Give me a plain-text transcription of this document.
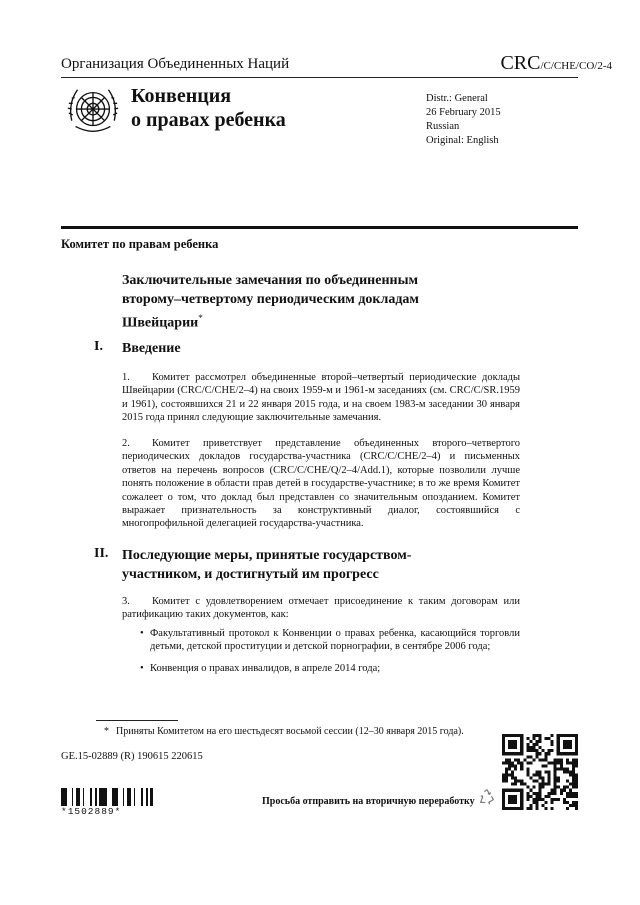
Организация Объединенных Наций	CRC/C/CHE/CO/2-4
Конвенция
о правах ребенка
Distr.: General
26 February 2015
Russian
Original: English
Комитет по правам ребенка
Заключительные замечания по объединенным
второму–четвертому периодическим докладам
Швейцарии*
I. Введение
1. Комитет рассмотрел объединенные второй–четвертый периодические доклады Швейцарии (CRC/C/CHE/2–4) на своих 1959-м и 1961-м заседаниях (см. CRC/C/SR.1959 и 1961), состоявшихся 21 и 22 января 2015 года, и на своем 1983-м заседании 30 января 2015 года принял следующие заключительные замечания.
2. Комитет приветствует представление объединенных второго–четвертого периодических докладов государства-участника (CRC/C/CHE/2–4) и письменных ответов на перечень вопросов (CRC/C/CHE/Q/2–4/Add.1), которые позволили лучше понять положение в области прав детей в государстве-участнике; в то же время Комитет сожалеет о том, что доклад был представлен со значительным опозданием. Комитет выражает признательность за конструктивный диалог, состоявшийся с многопрофильной делегацией государства-участника.
II. Последующие меры, принятые государством-
участником, и достигнутый им прогресс
3. Комитет с удовлетворением отмечает присоединение к таким договорам или ратификацию таких документов, как:
• Факультативный протокол к Конвенции о правах ребенка, касающийся торговли детьми, детской проституции и детской порнографии, в сентябре 2006 года;
• Конвенция о правах инвалидов, в апреле 2014 года;
* Приняты Комитетом на его шестьдесят восьмой сессии (12–30 января 2015 года).
GE.15-02889 (R) 190615 220615
*1502889*
Просьба отправить на вторичную переработку
